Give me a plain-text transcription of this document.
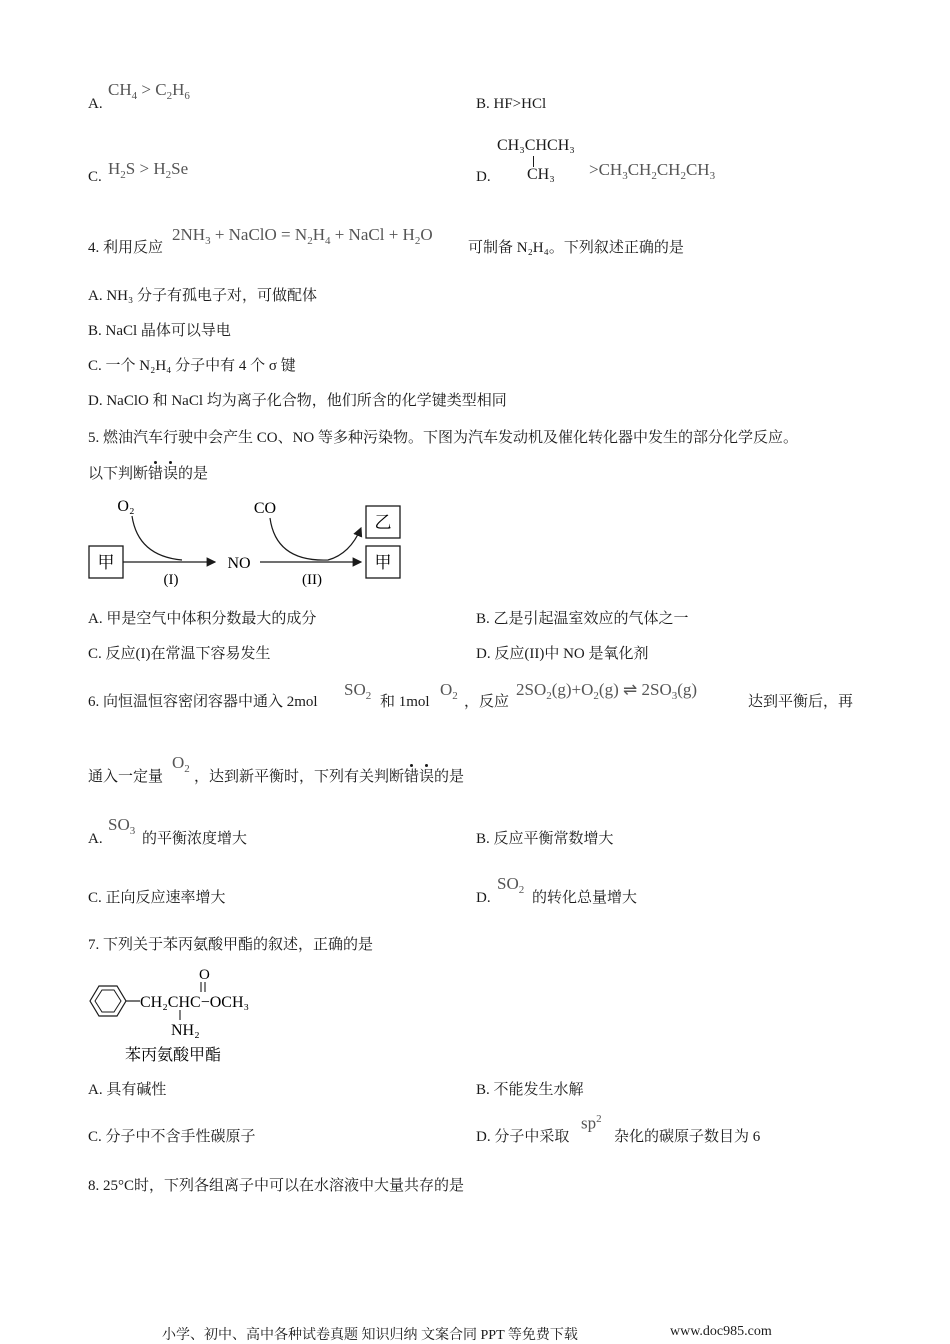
A.
$CH_4 > C_2H_6$	B. HF>HCl
C. $H_2S > H_2Se$	D.
CH₃CHCH₃
$CH_3 >CH_3CH_2CH_2CH_3$
4. 利用反应
$2NH_3$ + NaClO = $N_2H_4$ + NaCl + $H_2O$
可制备 N₂H₄。下列叙述正确的是
A. NH₃ 分子有孤电子对，可做配体
B. NaCl 晶体可以导电
C. 一个 N₂H₄ 分子中有 4 个 σ 键
D. NaClO 和 NaCl 均为离子化合物，他们所含的化学键类型相同
5. 燃油汽车行驶中会产生 CO、NO 等多种污染物。下图为汽车发动机及催化转化器中发生的部分化学反应。
以下判断错误的是
甲
(I)
O₂
NO
(II)
CO
乙
甲
A. 甲是空气中体积分数最大的成分	B. 乙是引起温室效应的气体之一
C. 反应(I)在常温下容易发生	D. 反应(II)中 NO 是氧化剂
6. 向恒温恒容密闭容器中通入 2mol
$SO_2$ 和 1mol
$O_2$ ，反应
$2SO_2(g)+O_2(g)$ ⇌ $2SO_3(g)$
达到平衡后，再
通入一定量
$O_2$ ，达到新平衡时，下列有关判断错误的是
A.
$SO_3$ 的平衡浓度增大	B. 反应平衡常数增大
C. 正向反应速率增大	D.
$SO_2$ 的转化总量增大
7. 下列关于苯丙氨酸甲酯的叙述，正确的是
CH₂CHC−OCH₃
O
NH₂
苯丙氨酸甲酯
A. 具有碱性	B. 不能发生水解
C. 分子中不含手性碳原子	D. 分子中采取
$sp^2$
杂化的碳原子数目为 6
8. 25°C时，下列各组离子中可以在水溶液中大量共存的是
小学、初中、高中各种试卷真题 知识归纳 文案合同 PPT 等免费下载	www.doc985.com
